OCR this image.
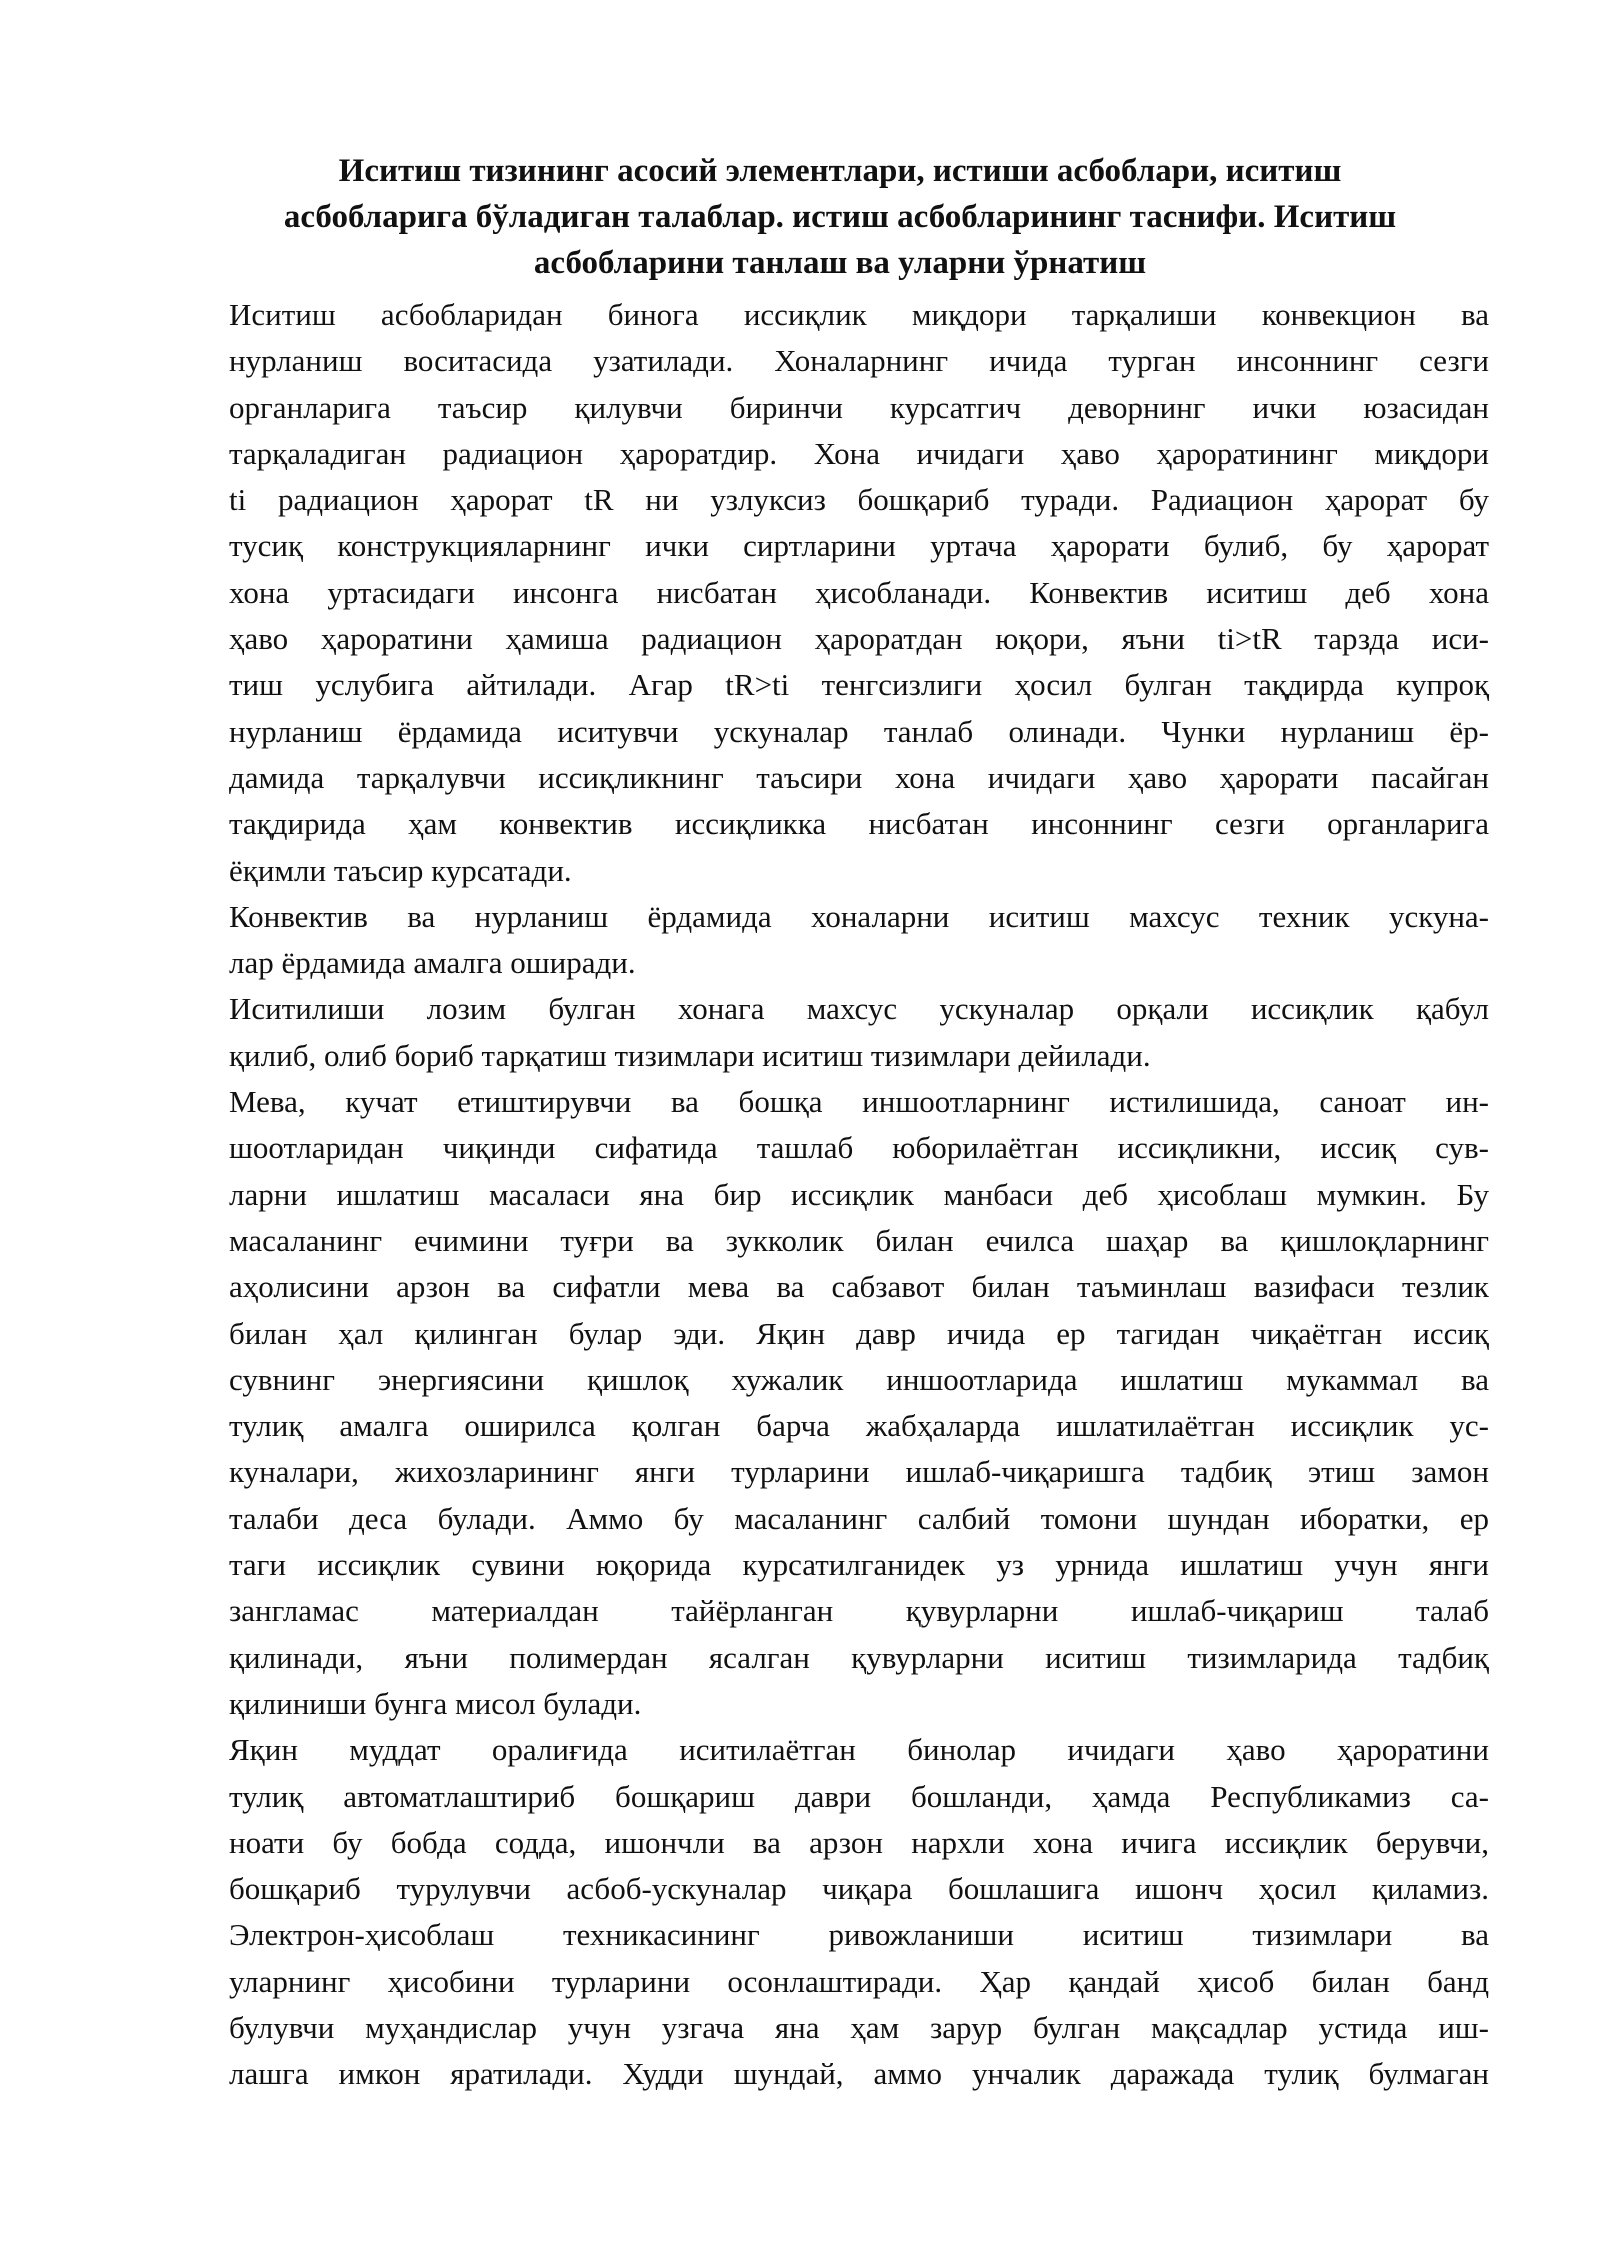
Иситиш тизининг асосий элементлари, истиши асбоблари, иситиш
асбобларига бўладиган талаблар. истиш асбобларининг таснифи. Иситиш
асбобларини танлаш ва уларни ўрнатиш
Иситиш асбобларидан биногa иссиқлик миқдори тарқалиши конвекцион ва
нурланиш воситасида узатилади. Хоналарнинг ичида турган инсоннинг сезги
органларига таъсир қилувчи биринчи курсатгич деворнинг ички юзасидан
тарқаладиган радиацион ҳароратдир. Хона ичидаги ҳаво ҳароратининг миқдори
ti радиацион ҳарорат tR ни узлуксиз бошқариб туради. Радиацион ҳарорат бу
тусиқ конструкцияларнинг ички сиртларини уртача ҳарорати булиб, бу ҳарорат
хона уртасидаги инсонга нисбатан ҳисобланади. Конвектив иситиш деб хона
ҳаво ҳароратини ҳамиша радиацион ҳароратдан юқори, яъни ti>tR тарзда иси-
тиш услубига айтилади. Агар tR>ti тенгсизлиги ҳосил булган тақдирда купроқ
нурланиш ёрдамида иситувчи ускуналар танлаб олинади. Чунки нурланиш ёр-
дамида тарқалувчи иссиқликнинг таъсири хона ичидаги ҳаво ҳарорати пасайган
тақдирида ҳам конвектив иссиқликка нисбатан инсоннинг сезги органларига
ёқимли таъсир курсатади.
Конвектив ва нурланиш ёрдамида хоналарни иситиш махсус техник ускуна-
лар ёрдамида амалга оширади.
Иситилиши лозим булган хонага махсус ускуналар орқали иссиқлик қабул
қилиб, олиб бориб тарқатиш тизимлари иситиш тизимлари дейилади.
Мева, кучат етиштирувчи ва бошқа иншоотларнинг истилишида, саноат ин-
шоотларидан чиқинди сифатида ташлаб юборилаётган иссиқликни, иссиқ сув-
ларни ишлатиш масаласи яна бир иссиқлик манбаси деб ҳисоблаш мумкин. Бу
масаланинг ечимини туғри ва зукколик билан ечилса шаҳар ва қишлоқларнинг
аҳолисини арзон ва сифатли мева ва сабзавот билан таъминлаш вазифаси тезлик
билан ҳал қилинган булар эди. Яқин давр ичида ер тагидан чиқаётган иссиқ
сувнинг энергиясини қишлоқ хужалик иншоотларида ишлатиш мукаммал ва
тулиқ амалга оширилса қолган барча жабҳаларда ишлатилаётган иссиқлик ус-
куналари, жихозларининг янги турларини ишлаб-чиқаришга тадбиқ этиш замон
талаби деса булади. Аммо бу масаланинг салбий томони шундан иборатки, ер
таги иссиқлик сувини юқорида курсатилганидек уз урнида ишлатиш учун янги
зангламас материалдан тайёрланган қувурларни ишлаб-чиқариш талаб
қилинади, яъни полимердан ясалган қувурларни иситиш тизимларида тадбиқ
қилиниши бунга мисол булади.
Яқин муддат оралиғида иситилаётган бинолар ичидаги ҳаво ҳароратини
тулиқ автоматлаштириб бошқариш даври бошланди, ҳамда Республикамиз са-
ноати бу бобда содда, ишончли ва арзон нархли хона ичига иссиқлик берувчи,
бошқариб турулувчи асбоб-ускуналар чиқара бошлашига ишонч ҳосил қиламиз.
Электрон-ҳисоблаш техникасининг ривожланиши иситиш тизимлари ва
уларнинг ҳисобини турларини осонлаштиради. Ҳар қандай ҳисоб билан банд
булувчи муҳандислар учун узгача яна ҳам зарур булган мақсадлар устида иш-
лашга имкон яратилади. Худди шундай, аммо унчалик даражада тулиқ булмаган
